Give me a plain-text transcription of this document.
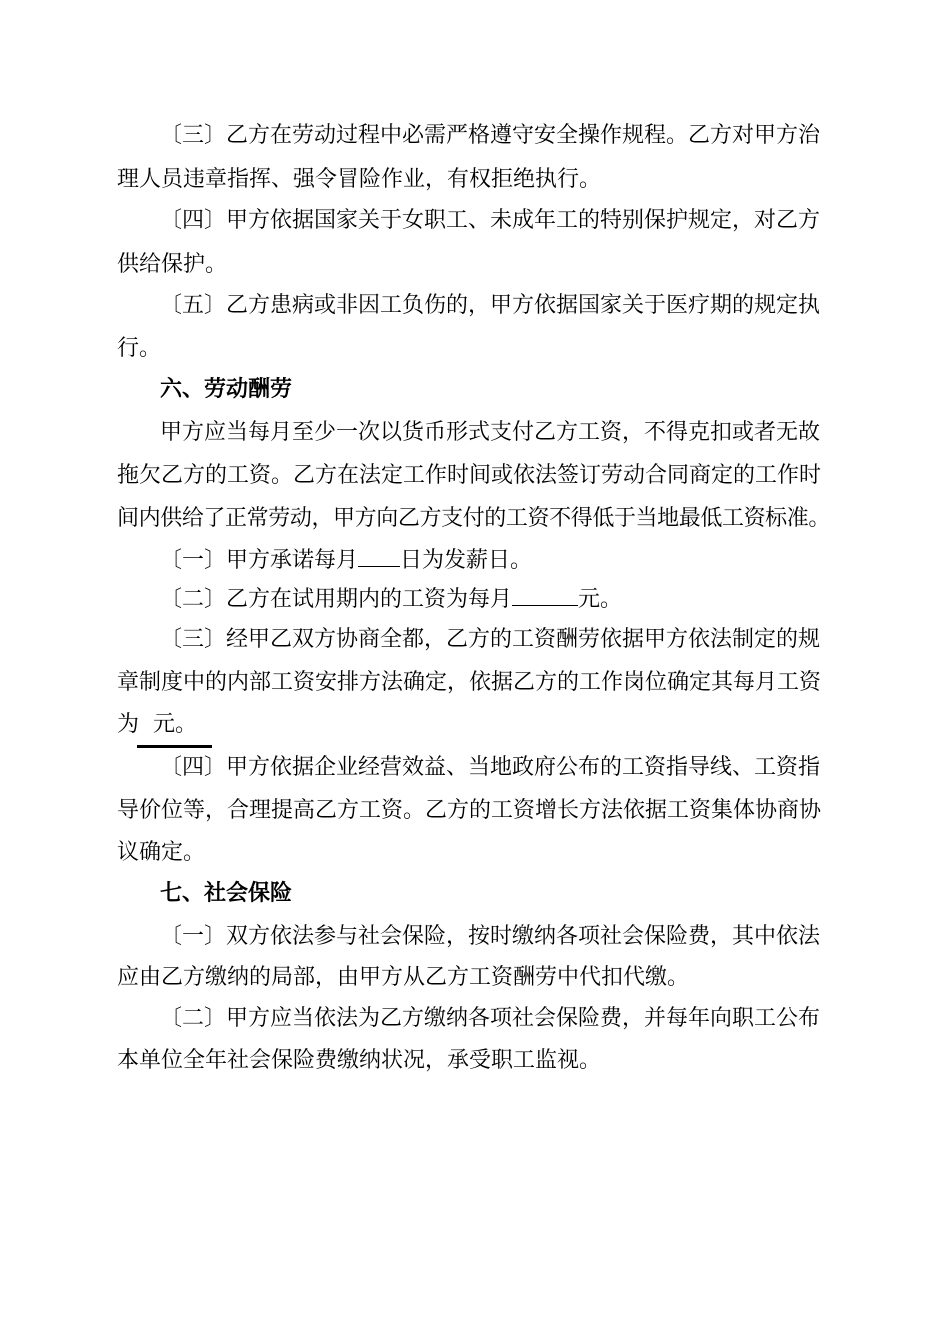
〔三〕乙方在劳动过程中必需严格遵守安全操作规程。乙方对甲方治
理人员违章指挥、强令冒险作业，有权拒绝执行。
〔四〕甲方依据国家关于女职工、未成年工的特别保护规定，对乙方
供给保护。
〔五〕乙方患病或非因工负伤的，甲方依据国家关于医疗期的规定执
行。
六、劳动酬劳
甲方应当每月至少一次以货币形式支付乙方工资，不得克扣或者无故
拖欠乙方的工资。乙方在法定工作时间或依法签订劳动合同商定的工作时
间内供给了正常劳动，甲方向乙方支付的工资不得低于当地最低工资标准。
〔一〕甲方承诺每月 日为发薪日。
〔二〕乙方在试用期内的工资为每月	元。
〔三〕经甲乙双方协商全都，乙方的工资酬劳依据甲方依法制定的规
章制度中的内部工资安排方法确定，依据乙方的工作岗位确定其每月工资
为 元。
〔四〕甲方依据企业经营效益、当地政府公布的工资指导线、工资指
导价位等，合理提高乙方工资。乙方的工资增长方法依据工资集体协商协
议确定。
七、社会保险
〔一〕双方依法参与社会保险，按时缴纳各项社会保险费，其中依法
应由乙方缴纳的局部，由甲方从乙方工资酬劳中代扣代缴。
〔二〕甲方应当依法为乙方缴纳各项社会保险费，并每年向职工公布
本单位全年社会保险费缴纳状况，承受职工监视。
